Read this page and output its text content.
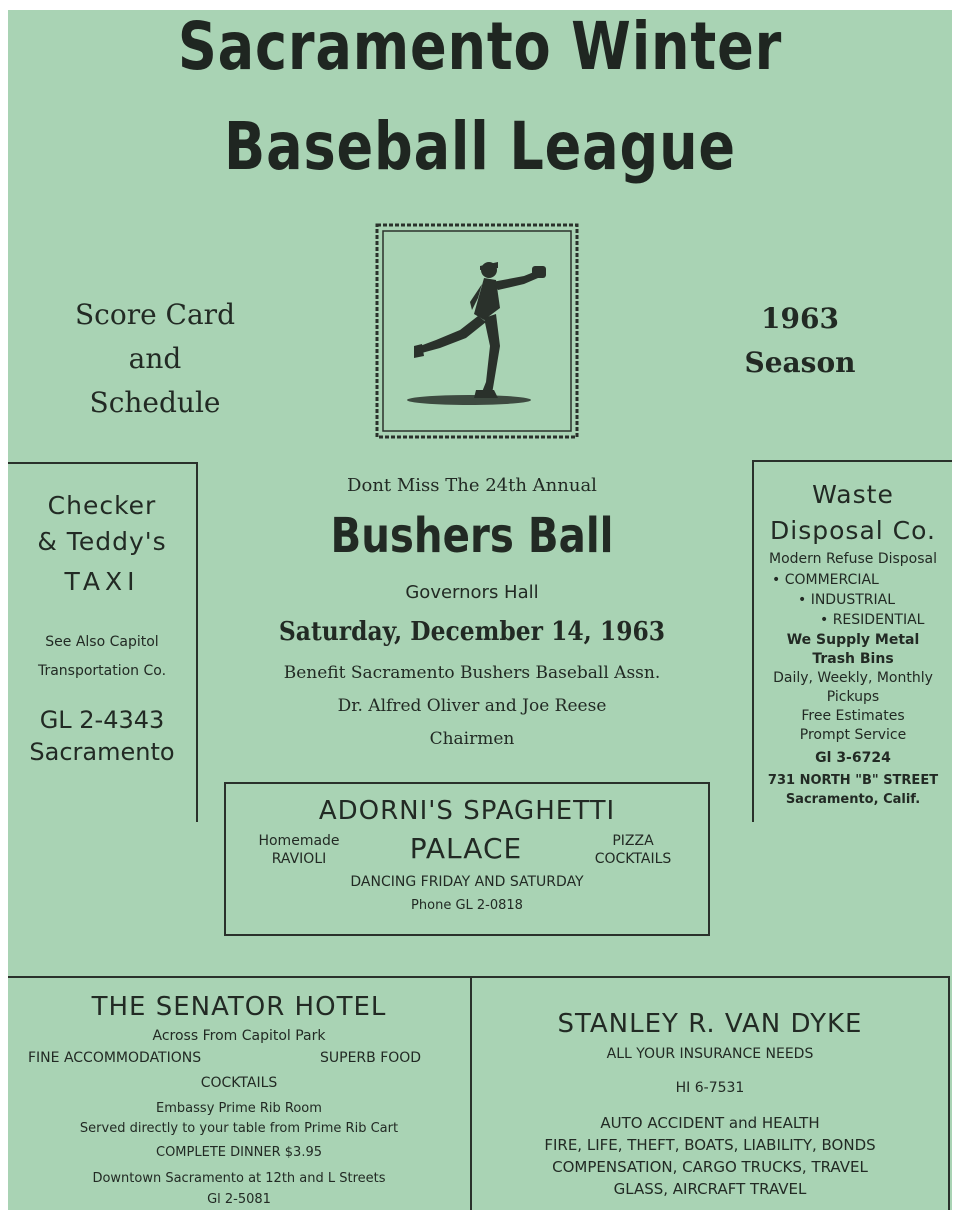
Sacramento Winter
Baseball League
Score Card
and Schedule
1963
Season
Checker
& Teddy's
TAXI
See Also Capitol
Transportation Co.
GL 2-4343
Sacramento
Dont Miss The 24th Annual
Bushers Ball
Governors Hall
Saturday, December 14, 1963
Benefit Sacramento Bushers Baseball Assn.
Dr. Alfred Oliver and Joe Reese
Chairmen
Waste
Disposal Co.
Modern Refuse Disposal
• COMMERCIAL
• INDUSTRIAL
• RESIDENTIAL
We Supply Metal
Trash Bins
Daily, Weekly, Monthly
Pickups
Free Estimates
Prompt Service
Gl 3-6724
731 NORTH "B" STREET
Sacramento, Calif.
ADORNI'S SPAGHETTI
Homemade
RAVIOLI	PALACE	PIZZA
COCKTAILS
DANCING FRIDAY AND SATURDAY
Phone GL 2-0818
THE SENATOR HOTEL
Across From Capitol Park
FINE ACCOMMODATIONS	SUPERB FOOD
COCKTAILS
Embassy Prime Rib Room
Served directly to your table from Prime Rib Cart
COMPLETE DINNER $3.95
Downtown Sacramento at 12th and L Streets
Gl 2-5081
STANLEY R. VAN DYKE
ALL YOUR INSURANCE NEEDS
HI 6-7531
AUTO ACCIDENT and HEALTH
FIRE, LIFE, THEFT, BOATS, LIABILITY, BONDS
COMPENSATION, CARGO TRUCKS, TRAVEL
GLASS, AIRCRAFT TRAVEL
